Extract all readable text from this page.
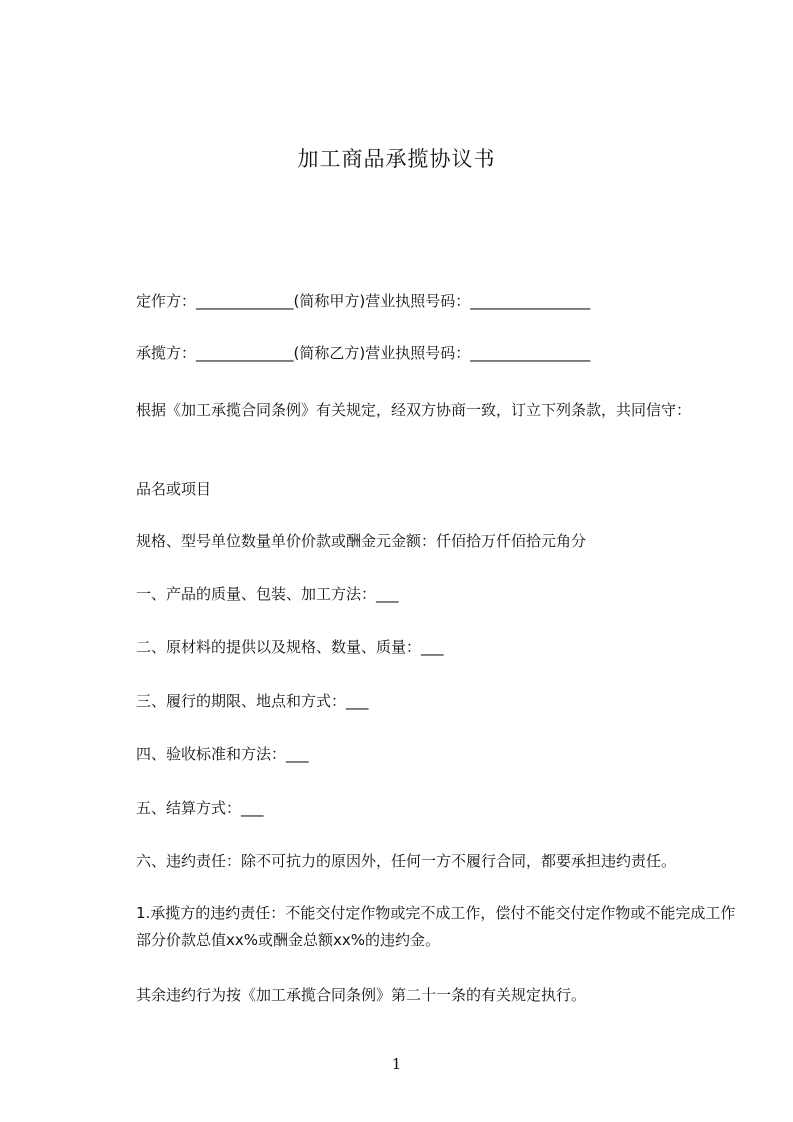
加工商品承揽协议书
定作方：_____________(简称甲方)营业执照号码：________________
承揽方：_____________(简称乙方)营业执照号码：________________
根据《加工承揽合同条例》有关规定，经双方协商一致，订立下列条款，共同信守：
品名或项目
规格、型号单位数量单价价款或酬金元金额：仟佰拾万仟佰拾元角分
一、产品的质量、包装、加工方法：___
二、原材料的提供以及规格、数量、质量：___
三、履行的期限、地点和方式：___
四、验收标准和方法：___
五、结算方式：___
六、违约责任：除不可抗力的原因外，任何一方不履行合同，都要承担违约责任。
1.承揽方的违约责任：不能交付定作物或完不成工作，偿付不能交付定作物或不能完成工作部分价款总值xx%或酬金总额xx%的违约金。
其余违约行为按《加工承揽合同条例》第二十一条的有关规定执行。
1
